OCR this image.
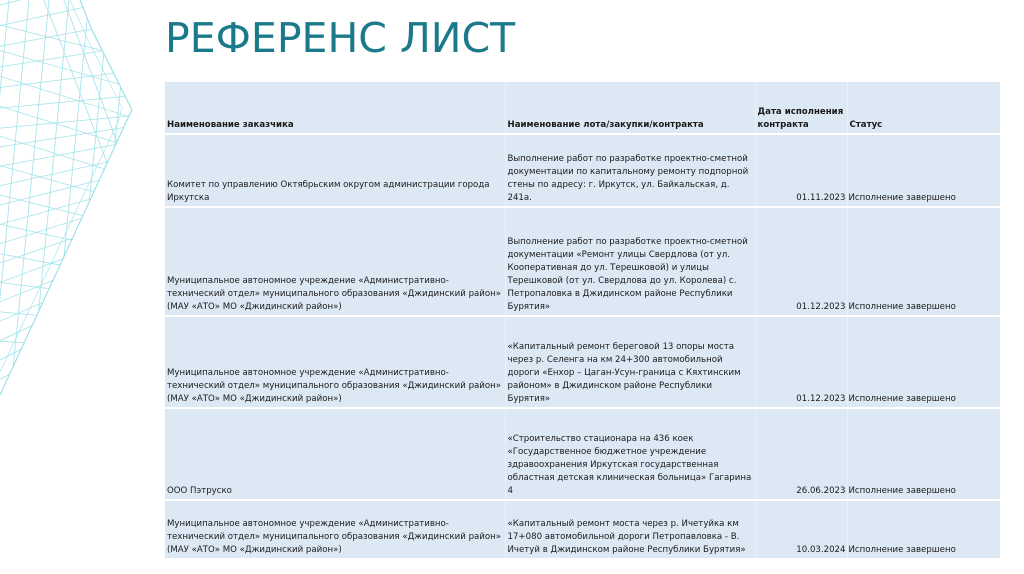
РЕФЕРЕНС ЛИСТ
Наименование заказчика	Наименование лота/закупки/контракта	Дата исполнения контракта	Статус
Комитет по управлению Октябрьским округом администрации города Иркутска	Выполнение работ по разработке проектно-сметной документации по капитальному ремонту подпорной стены по адресу: г. Иркутск, ул. Байкальская, д. 241а.	01.11.2023	Исполнение завершено
Муниципальное автономное учреждение «Административно-технический отдел» муниципального образования «Джидинский район» (МАУ «АТО» МО «Джидинский район»)	Выполнение работ по разработке проектно-сметной документации «Ремонт улицы Свердлова (от ул. Кооперативная до ул. Терешковой) и улицы Терешковой (от ул. Свердлова до ул. Королева) с. Петропаловка в Джидинском районе Республики Бурятия»	01.12.2023	Исполнение завершено
Муниципальное автономное учреждение «Административно-технический отдел» муниципального образования «Джидинский район» (МАУ «АТО» МО «Джидинский район»)	«Капитальный ремонт береговой 13 опоры моста через р. Селенга на км 24+300 автомобильной дороги «Енхор – Цаган-Усун-граница с Кяхтинским районом» в Джидинском районе Республики Бурятия»	01.12.2023	Исполнение завершено
ООО Пэтруско	«Строительство стационара на 436 коек «Государственное бюджетное учреждение здравоохранения Иркутская государственная областная детская клиническая больница» Гагарина 4	26.06.2023	Исполнение завершено
Муниципальное автономное учреждение «Административно-технический отдел» муниципального образования «Джидинский район» (МАУ «АТО» МО «Джидинский район»)	«Капитальный ремонт моста через р. Ичетуйка км 17+080 автомобильной дороги Петропавловка - В. Ичетуй в Джидинском районе Республики Бурятия»	10.03.2024	Исполнение завершено
